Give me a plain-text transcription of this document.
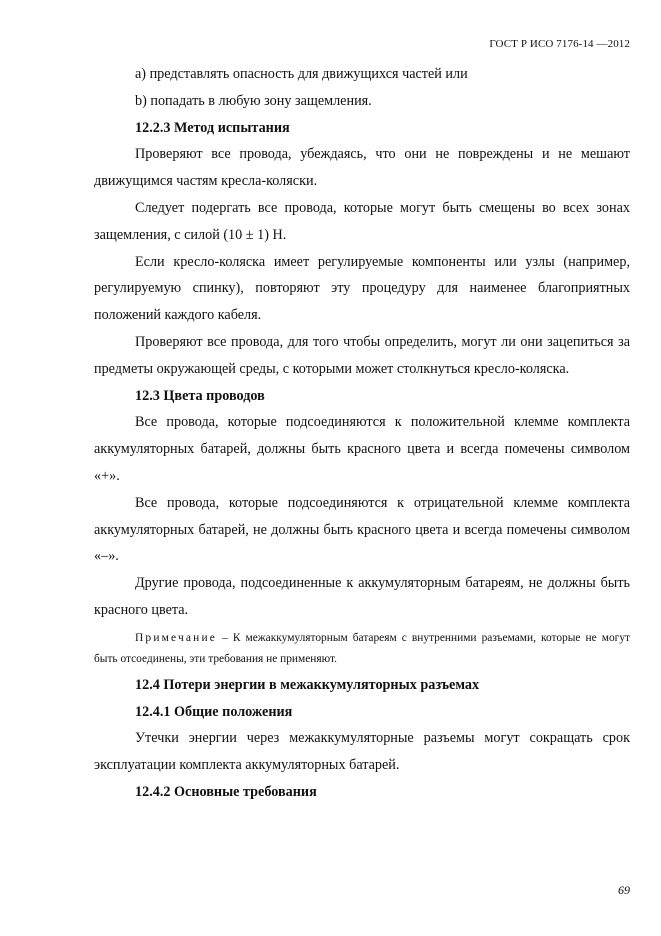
ГОСТ Р ИСО 7176-14 —2012

a) представлять опасность для движущихся частей или

b) попадать в любую зону защемления.

12.2.3 Метод испытания

Проверяют все провода, убеждаясь, что они не повреждены и не мешают движущимся частям кресла-коляски.

Следует подергать все провода, которые могут быть смещены во всех зонах защемления, с силой (10 ± 1) Н.

Если кресло-коляска имеет регулируемые компоненты или узлы (например, регулируемую спинку), повторяют эту процедуру для наименее благоприятных положений каждого кабеля.

Проверяют все провода, для того чтобы определить, могут ли они зацепиться за предметы окружающей среды, с которыми может столкнуться кресло-коляска.

12.3 Цвета проводов

Все провода, которые подсоединяются к положительной клемме комплекта аккумуляторных батарей, должны быть красного цвета и всегда помечены символом «+».

Все провода, которые подсоединяются к отрицательной клемме комплекта аккумуляторных батарей, не должны быть красного цвета и всегда помечены символом «–».

Другие провода, подсоединенные к аккумуляторным батареям, не должны быть красного цвета.

Примечание – К межаккумуляторным батареям с внутренними разъемами, которые не могут быть отсоединены, эти требования не применяют.

12.4 Потери энергии в межаккумуляторных разъемах

12.4.1 Общие положения

Утечки энергии через межаккумуляторные разъемы могут сокращать срок эксплуатации комплекта аккумуляторных батарей.

12.4.2 Основные требования

69
